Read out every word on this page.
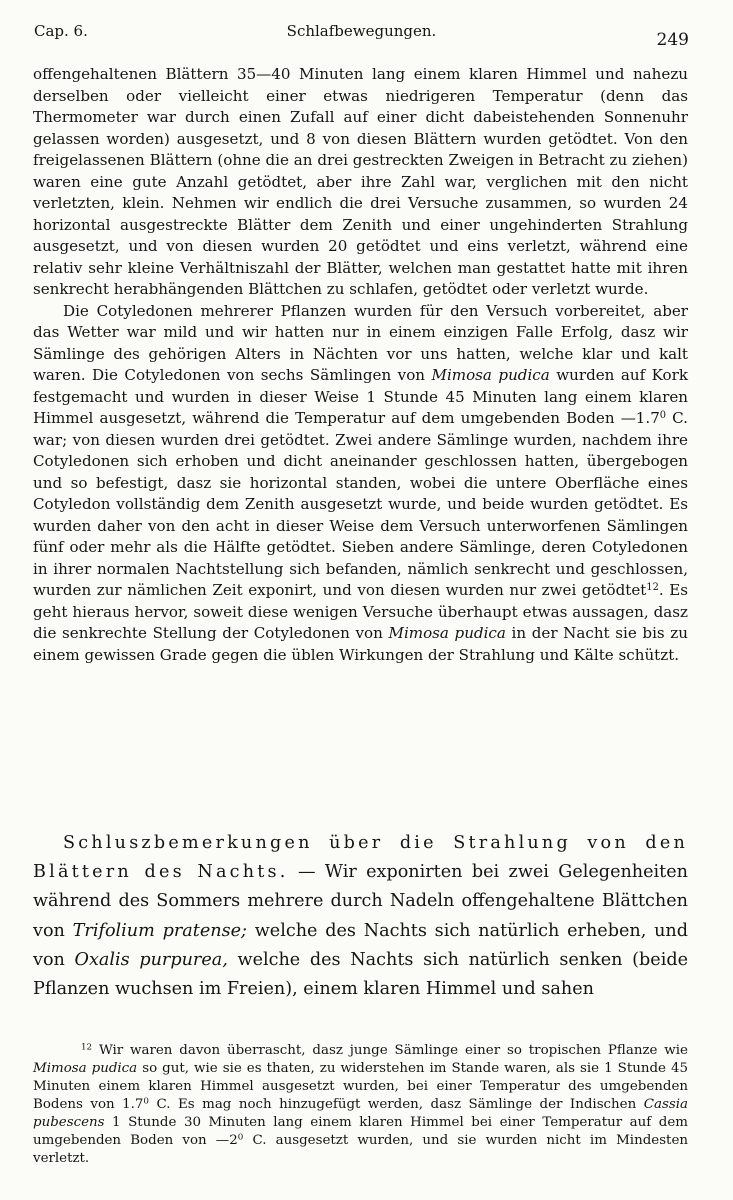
Cap. 6.	Schlafbewegungen.	249

offengehaltenen Blättern 35—40 Minuten lang einem klaren Himmel und nahezu derselben oder vielleicht einer etwas niedrigeren Temperatur (denn das Thermometer war durch einen Zufall auf einer dicht dabeistehenden Sonnenuhr gelassen worden) ausgesetzt, und 8 von diesen Blättern wurden getödtet. Von den freigelassenen Blättern (ohne die an drei gestreckten Zweigen in Betracht zu ziehen) waren eine gute Anzahl getödtet, aber ihre Zahl war, verglichen mit den nicht verletzten, klein. Nehmen wir endlich die drei Versuche zusammen, so wurden 24 horizontal ausgestreckte Blätter dem Zenith und einer ungehinderten Strahlung ausgesetzt, und von diesen wurden 20 getödtet und eins verletzt, während eine relativ sehr kleine Verhältniszahl der Blätter, welchen man gestattet hatte mit ihren senkrecht herabhängenden Blättchen zu schlafen, getödtet oder verletzt wurde.

Die Cotyledonen mehrerer Pflanzen wurden für den Versuch vorbereitet, aber das Wetter war mild und wir hatten nur in einem einzigen Falle Erfolg, dasz wir Sämlinge des gehörigen Alters in Nächten vor uns hatten, welche klar und kalt waren. Die Cotyledonen von sechs Sämlingen von Mimosa pudica wurden auf Kork festgemacht und wurden in dieser Weise 1 Stunde 45 Minuten lang einem klaren Himmel ausgesetzt, während die Temperatur auf dem umgebenden Boden $—1.7^0$ C. war; von diesen wurden drei getödtet. Zwei andere Sämlinge wurden, nachdem ihre Cotyledonen sich erhoben und dicht aneinander geschlossen hatten, übergebogen und so befestigt, dasz sie horizontal standen, wobei die untere Oberfläche eines Cotyledon vollständig dem Zenith ausgesetzt wurde, und beide wurden getödtet. Es wurden daher von den acht in dieser Weise dem Versuch unterworfenen Sämlingen fünf oder mehr als die Hälfte getödtet. Sieben andere Sämlinge, deren Cotyledonen in ihrer normalen Nachtstellung sich befanden, nämlich senkrecht und geschlossen, wurden zur nämlichen Zeit exponirt, und von diesen wurden nur zwei getödtet$^{12}$. Es geht hieraus hervor, soweit diese wenigen Versuche überhaupt etwas aussagen, dasz die senkrechte Stellung der Cotyledonen von Mimosa pudica in der Nacht sie bis zu einem gewissen Grade gegen die üblen Wirkungen der Strahlung und Kälte schützt.

Schluszbemerkungen über die Strahlung von den Blättern des Nachts. — Wir exponirten bei zwei Gelegenheiten während des Sommers mehrere durch Nadeln offengehaltene Blättchen von Trifolium pratense; welche des Nachts sich natürlich erheben, und von Oxalis purpurea, welche des Nachts sich natürlich senken (beide Pflanzen wuchsen im Freien), einem klaren Himmel und sahen

$^{12}$ Wir waren davon überrascht, dasz junge Sämlinge einer so tropischen Pflanze wie Mimosa pudica so gut, wie sie es thaten, zu widerstehen im Stande waren, als sie 1 Stunde 45 Minuten einem klaren Himmel ausgesetzt wurden, bei einer Temperatur des umgebenden Bodens von $1.7^0$ C. Es mag noch hinzugefügt werden, dasz Sämlinge der Indischen Cassia pubescens 1 Stunde 30 Minuten lang einem klaren Himmel bei einer Temperatur auf dem umgebenden Boden von $—2^0$ C. ausgesetzt wurden, und sie wurden nicht im Mindesten verletzt.
